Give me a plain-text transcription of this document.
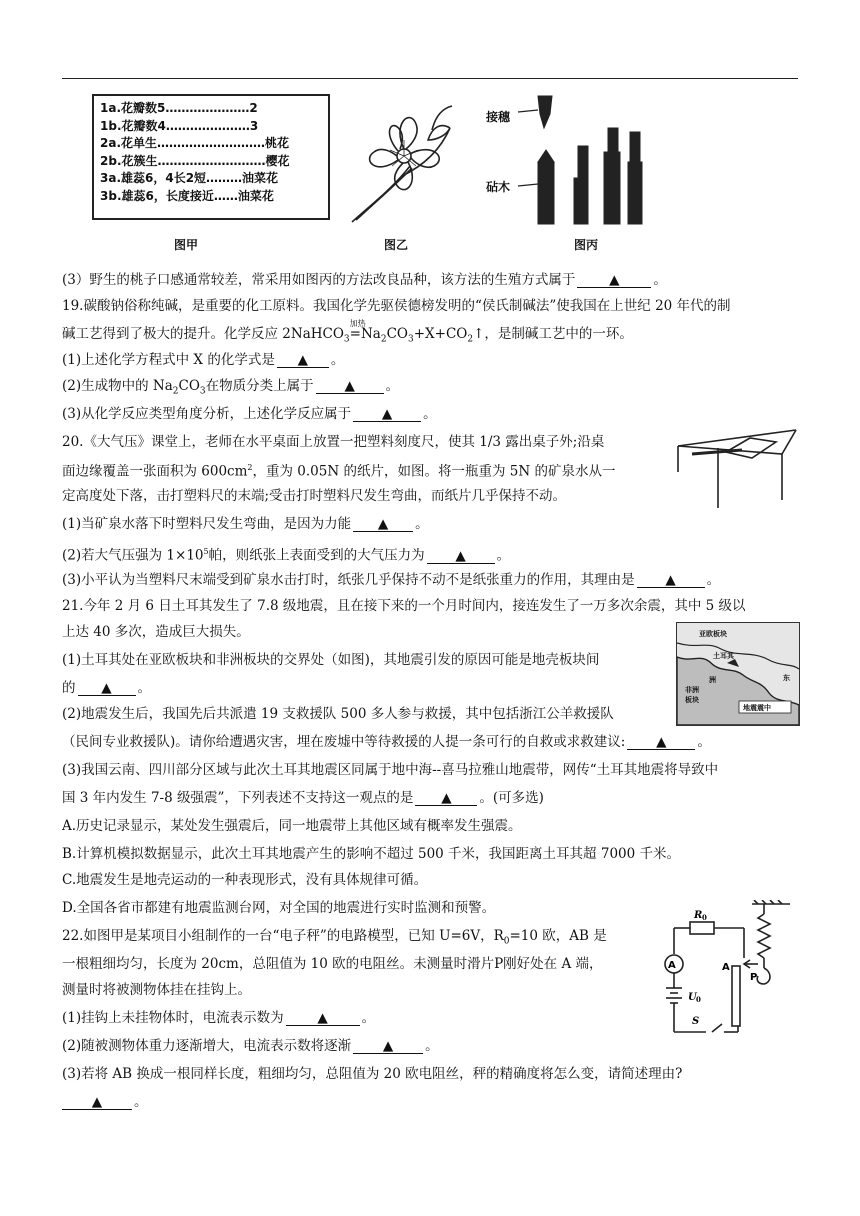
1a.花瓣数5…………………2
1b.花瓣数4…………………3
2a.花单生………………………桃花
2b.花簇生………………………樱花
3a.雄蕊6，4长2短………油菜花
3b.雄蕊6，长度接近……油菜花
图甲	图乙
接穗
砧木
图丙
(3）野生的桃子口感通常较差，常采用如图丙的方法改良品种，该方法的生殖方式属于	▲	。
19.碳酸钠俗称纯碱，是重要的化工原料。我国化学先驱侯德榜发明的“侯氏制碱法”使我国在上世纪 20 年代的制
碱工艺得到了极大的提升。化学反应 2NaHCO$_3$
加热
$=Na_2CO_3+X+CO_2↑$，是制碱工艺中的一环。
(1)上述化学方程式中 X 的化学式是 ▲ 。
(2)生成物中的 $Na_2CO_3$在物质分类上属于 ▲ 。
(3)从化学反应类型角度分析，上述化学反应属于 ▲ 。
20.《大气压》课堂上，老师在水平桌面上放置一把塑料刻度尺，使其 1/3 露出桌子外;沿桌
面边缘覆盖一张面积为 $600cm^2$，重为 0.05N 的纸片，如图。将一瓶重为 5N 的矿泉水从一
定高度处下落，击打塑料尺的末端;受击打时塑料尺发生弯曲，而纸片几乎保持不动。
(1)当矿泉水落下时塑料尺发生弯曲，是因为力能 ▲ 。
(2)若大气压强为 $1\times 10^5$帕，则纸张上表面受到的大气压力为 ▲ 。
(3)小平认为当塑料尺末端受到矿泉水击打时，纸张几乎保持不动不是纸张重力的作用，其理由是 ▲ 。
21.今年 2 月 6 日土耳其发生了 7.8 级地震，且在接下来的一个月时间内，接连发生了一万多次余震，其中 5 级以
上达 40 多次，造成巨大损失。	亚欧板块
土耳其
非洲
板块
洲	东
地震震中
(1)土耳其处在亚欧板块和非洲板块的交界处（如图)，其地震引发的原因可能是地壳板块间
的 ▲ 。
(2)地震发生后，我国先后共派遣 19 支救援队 500 多人参与救援，其中包括浙江公羊救援队
（民间专业救援队)。请你给遭遇灾害，埋在废墟中等待救援的人提一条可行的自救或求救建议: ▲ 。
(3)我国云南、四川部分区域与此次土耳其地震区同属于地中海--喜马拉雅山地震带，网传“土耳其地震将导致中
国 3 年内发生 7-8 级强震”，下列表述不支持这一观点的是 ▲ 。(可多选)
A.历史记录显示，某处发生强震后，同一地震带上其他区域有概率发生强震。
B.计算机模拟数据显示，此次土耳其地震产生的影响不超过 500 千米，我国距离土耳其超 7000 千米。
C.地震发生是地壳运动的一种表现形式，没有具体规律可循。
D.全国各省市都建有地震监测台网，对全国的地震进行实时监测和预警。
22.如图甲是某项目小组制作的一台“电子秤”的电路模型，已知 U=6V，$R_0=10$ 欧，AB 是
一根粗细均匀，长度为 20cm，总阻值为 10 欧的电阻丝。未测量时滑片P刚好处在 A 端，
测量时将被测物体挂在挂钩上。
A
R 0
A
P
U 0
S
(1)挂钩上未挂物体时，电流表示数为	▲	。
(2)随被测物体重力逐渐增大，电流表示数将逐渐 ▲ 。
(3)若将 AB 换成一根同样长度，粗细均匀，总阻值为 20 欧电阻丝，秤的精确度将怎么变，请简述理由?
▲ 。
